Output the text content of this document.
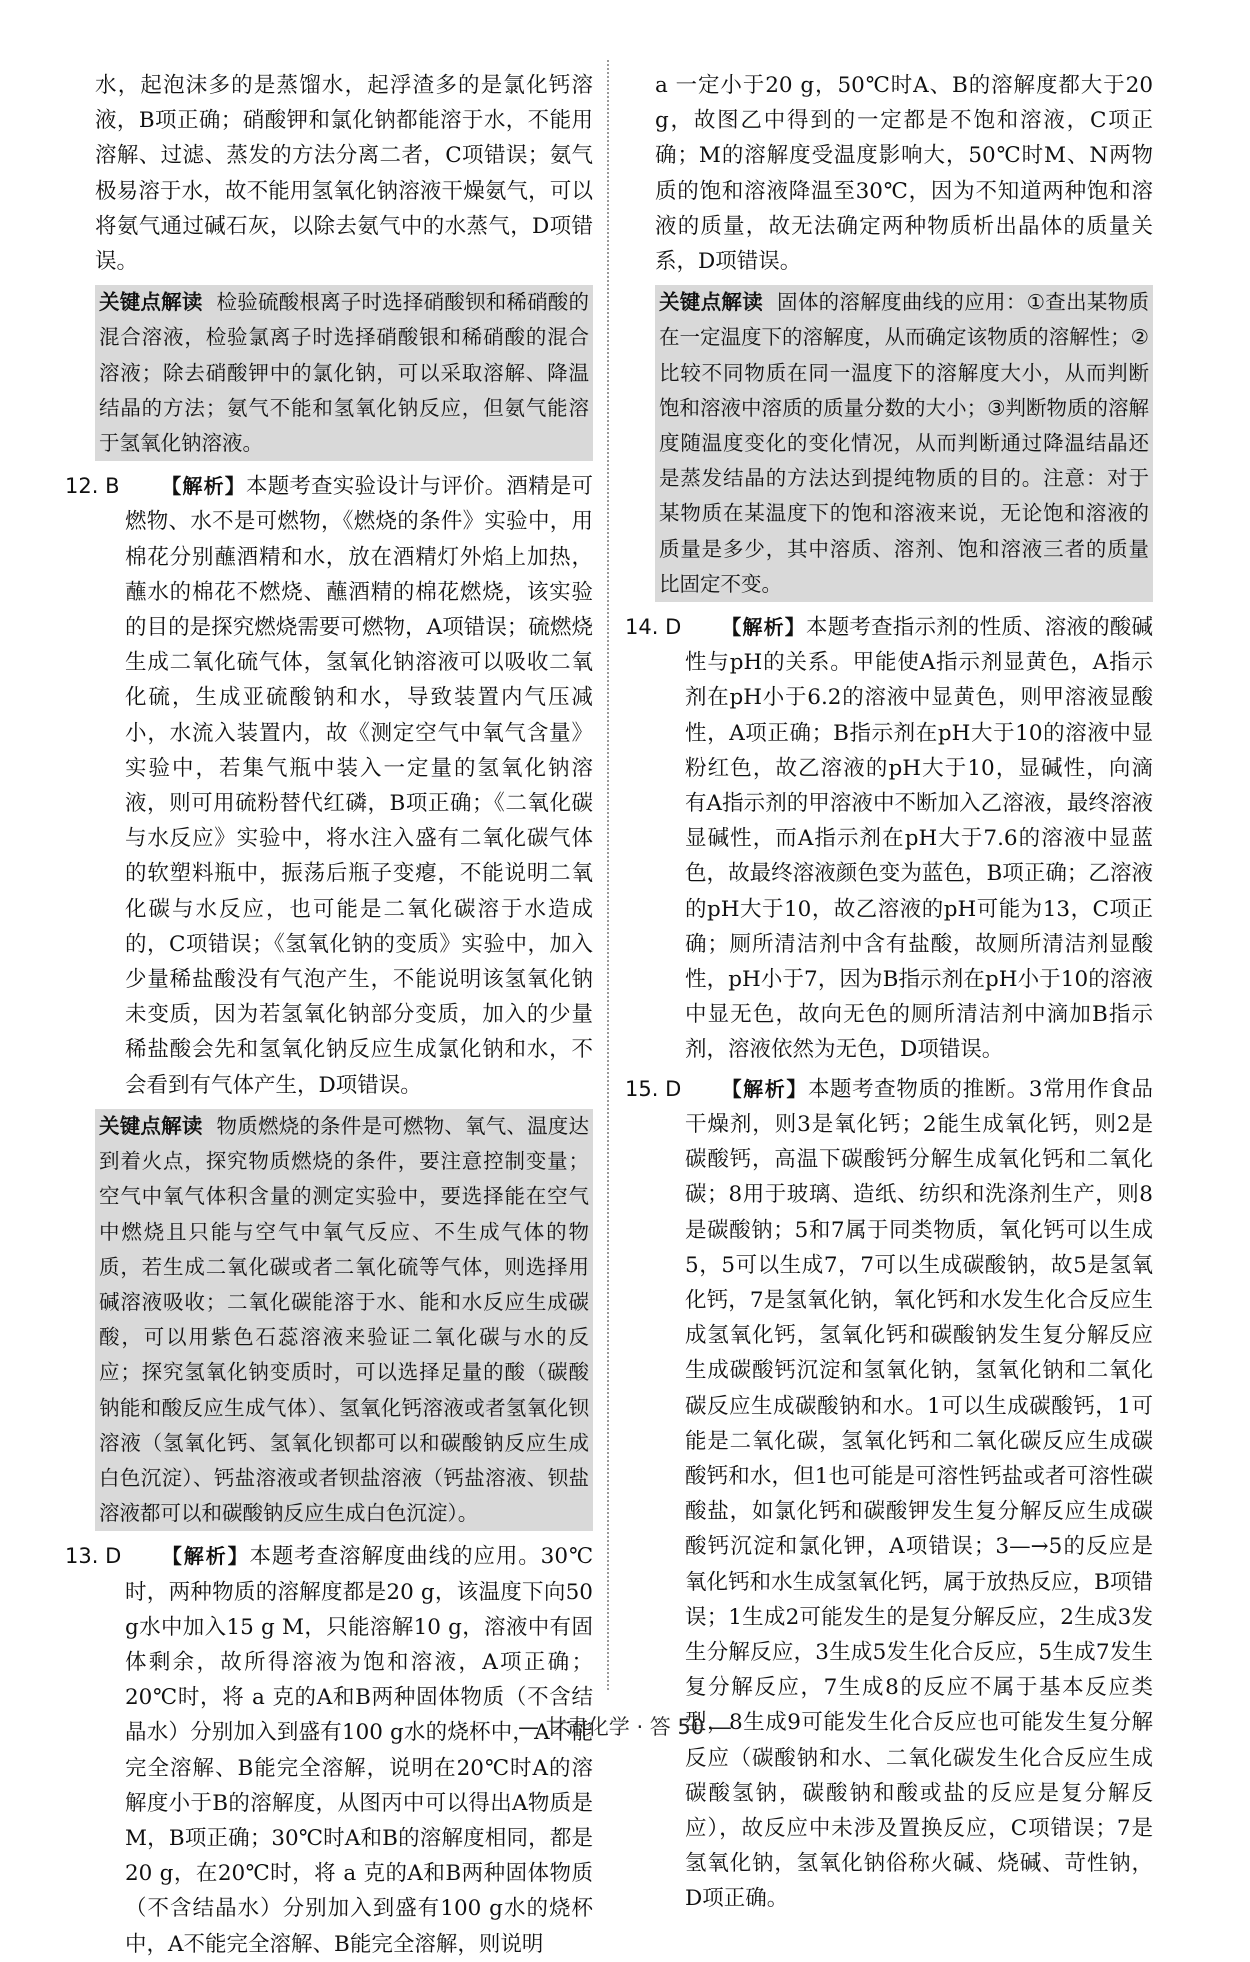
水，起泡沫多的是蒸馏水，起浮渣多的是氯化钙溶液，B项正确；硝酸钾和氯化钠都能溶于水，不能用溶解、过滤、蒸发的方法分离二者，C项错误；氨气极易溶于水，故不能用氢氧化钠溶液干燥氨气，可以将氨气通过碱石灰，以除去氨气中的水蒸气，D项错误。

关键点解读 检验硫酸根离子时选择硝酸钡和稀硝酸的混合溶液，检验氯离子时选择硝酸银和稀硝酸的混合溶液；除去硝酸钾中的氯化钠，可以采取溶解、降温结晶的方法；氨气不能和氢氧化钠反应，但氨气能溶于氢氧化钠溶液。
12. B 【解析】本题考查实验设计与评价。酒精是可燃物、水不是可燃物，《燃烧的条件》实验中，用棉花分别蘸酒精和水，放在酒精灯外焰上加热，蘸水的棉花不燃烧、蘸酒精的棉花燃烧，该实验的目的是探究燃烧需要可燃物，A项错误；硫燃烧生成二氧化硫气体，氢氧化钠溶液可以吸收二氧化硫，生成亚硫酸钠和水，导致装置内气压减小，水流入装置内，故《测定空气中氧气含量》实验中，若集气瓶中装入一定量的氢氧化钠溶液，则可用硫粉替代红磷，B项正确；《二氧化碳与水反应》实验中，将水注入盛有二氧化碳气体的软塑料瓶中，振荡后瓶子变瘪，不能说明二氧化碳与水反应，也可能是二氧化碳溶于水造成的，C项错误；《氢氧化钠的变质》实验中，加入少量稀盐酸没有气泡产生，不能说明该氢氧化钠未变质，因为若氢氧化钠部分变质，加入的少量稀盐酸会先和氢氧化钠反应生成氯化钠和水，不会看到有气体产生，D项错误。
关键点解读 物质燃烧的条件是可燃物、氧气、温度达到着火点，探究物质燃烧的条件，要注意控制变量；空气中氧气体积含量的测定实验中，要选择能在空气中燃烧且只能与空气中氧气反应、不生成气体的物质，若生成二氧化碳或者二氧化硫等气体，则选择用碱溶液吸收；二氧化碳能溶于水、能和水反应生成碳酸，可以用紫色石蕊溶液来验证二氧化碳与水的反应；探究氢氧化钠变质时，可以选择足量的酸（碳酸钠能和酸反应生成气体）、氢氧化钙溶液或者氢氧化钡溶液（氢氧化钙、氢氧化钡都可以和碳酸钠反应生成白色沉淀）、钙盐溶液或者钡盐溶液（钙盐溶液、钡盐溶液都可以和碳酸钠反应生成白色沉淀）。
13. D 【解析】本题考查溶解度曲线的应用。30℃时，两种物质的溶解度都是20 g，该温度下向50 g水中加入15 g M，只能溶解10 g，溶液中有固体剩余，故所得溶液为饱和溶液，A项正确；20℃时，将 a 克的A和B两种固体物质（不含结晶水）分别加入到盛有100 g水的烧杯中，A不能完全溶解、B能完全溶解，说明在20℃时A的溶解度小于B的溶解度，从图丙中可以得出A物质是M，B项正确；30℃时A和B的溶解度相同，都是20 g，在20℃时，将 a 克的A和B两种固体物质（不含结晶水）分别加入到盛有100 g水的烧杯中，A不能完全溶解、B能完全溶解，则说明

a 一定小于20 g，50℃时A、B的溶解度都大于20 g，故图乙中得到的一定都是不饱和溶液，C项正确；M的溶解度受温度影响大，50℃时M、N两物质的饱和溶液降温至30℃，因为不知道两种饱和溶液的质量，故无法确定两种物质析出晶体的质量关系，D项错误。

关键点解读 固体的溶解度曲线的应用：①查出某物质在一定温度下的溶解度，从而确定该物质的溶解性；②比较不同物质在同一温度下的溶解度大小，从而判断饱和溶液中溶质的质量分数的大小；③判断物质的溶解度随温度变化的变化情况，从而判断通过降温结晶还是蒸发结晶的方法达到提纯物质的目的。注意：对于某物质在某温度下的饱和溶液来说，无论饱和溶液的质量是多少，其中溶质、溶剂、饱和溶液三者的质量比固定不变。
14. D 【解析】本题考查指示剂的性质、溶液的酸碱性与pH的关系。甲能使A指示剂显黄色，A指示剂在pH小于6.2的溶液中显黄色，则甲溶液显酸性，A项正确；B指示剂在pH大于10的溶液中显粉红色，故乙溶液的pH大于10，显碱性，向滴有A指示剂的甲溶液中不断加入乙溶液，最终溶液显碱性，而A指示剂在pH大于7.6的溶液中显蓝色，故最终溶液颜色变为蓝色，B项正确；乙溶液的pH大于10，故乙溶液的pH可能为13，C项正确；厕所清洁剂中含有盐酸，故厕所清洁剂显酸性，pH小于7，因为B指示剂在pH小于10的溶液中显无色，故向无色的厕所清洁剂中滴加B指示剂，溶液依然为无色，D项错误。
15. D 【解析】本题考查物质的推断。3常用作食品干燥剂，则3是氧化钙；2能生成氧化钙，则2是碳酸钙，高温下碳酸钙分解生成氧化钙和二氧化碳；8用于玻璃、造纸、纺织和洗涤剂生产，则8是碳酸钠；5和7属于同类物质，氧化钙可以生成5，5可以生成7，7可以生成碳酸钠，故5是氢氧化钙，7是氢氧化钠，氧化钙和水发生化合反应生成氢氧化钙，氢氧化钙和碳酸钠发生复分解反应生成碳酸钙沉淀和氢氧化钠，氢氧化钠和二氧化碳反应生成碳酸钠和水。1可以生成碳酸钙，1可能是二氧化碳，氢氧化钙和二氧化碳反应生成碳酸钙和水，但1也可能是可溶性钙盐或者可溶性碳酸盐，如氯化钙和碳酸钾发生复分解反应生成碳酸钙沉淀和氯化钾，A项错误；3—→5的反应是氧化钙和水生成氢氧化钙，属于放热反应，B项错误；1生成2可能发生的是复分解反应，2生成3发生分解反应，3生成5发生化合反应，5生成7发生复分解反应，7生成8的反应不属于基本反应类型，8生成9可能发生化合反应也可能发生复分解反应（碳酸钠和水、二氧化碳发生化合反应生成碳酸氢钠，碳酸钠和酸或盐的反应是复分解反应），故反应中未涉及置换反应，C项错误；7是氢氧化钠，氢氧化钠俗称火碱、烧碱、苛性钠，D项正确。
— 甘肃化学 · 答 50 —
